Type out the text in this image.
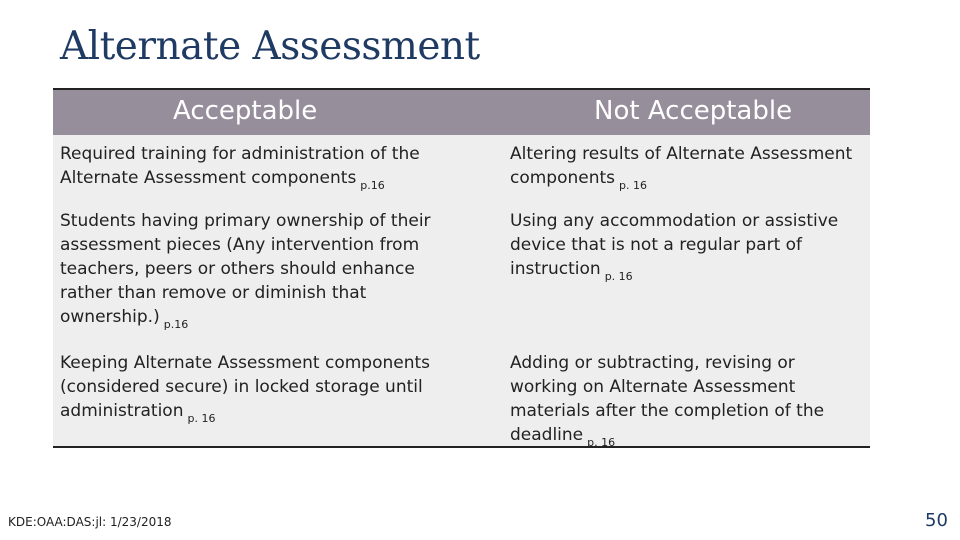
Alternate Assessment
Acceptable	Not Acceptable
Required training for administration of the Alternate Assessment components $_{p.16}$
Altering results of Alternate Assessment components $_{p. 16}$
Students having primary ownership of their assessment pieces (Any intervention from teachers, peers or others should enhance rather than remove or diminish that ownership.) $_{p.16}$
Using any accommodation or assistive device that is not a regular part of instruction $_{p. 16}$
Keeping Alternate Assessment components (considered secure) in locked storage until administration $_{p. 16}$
Adding or subtracting, revising or working on Alternate Assessment materials after the completion of the deadline $_{p. 16}$
KDE:OAA:DAS:jl: 1/23/2018	50
